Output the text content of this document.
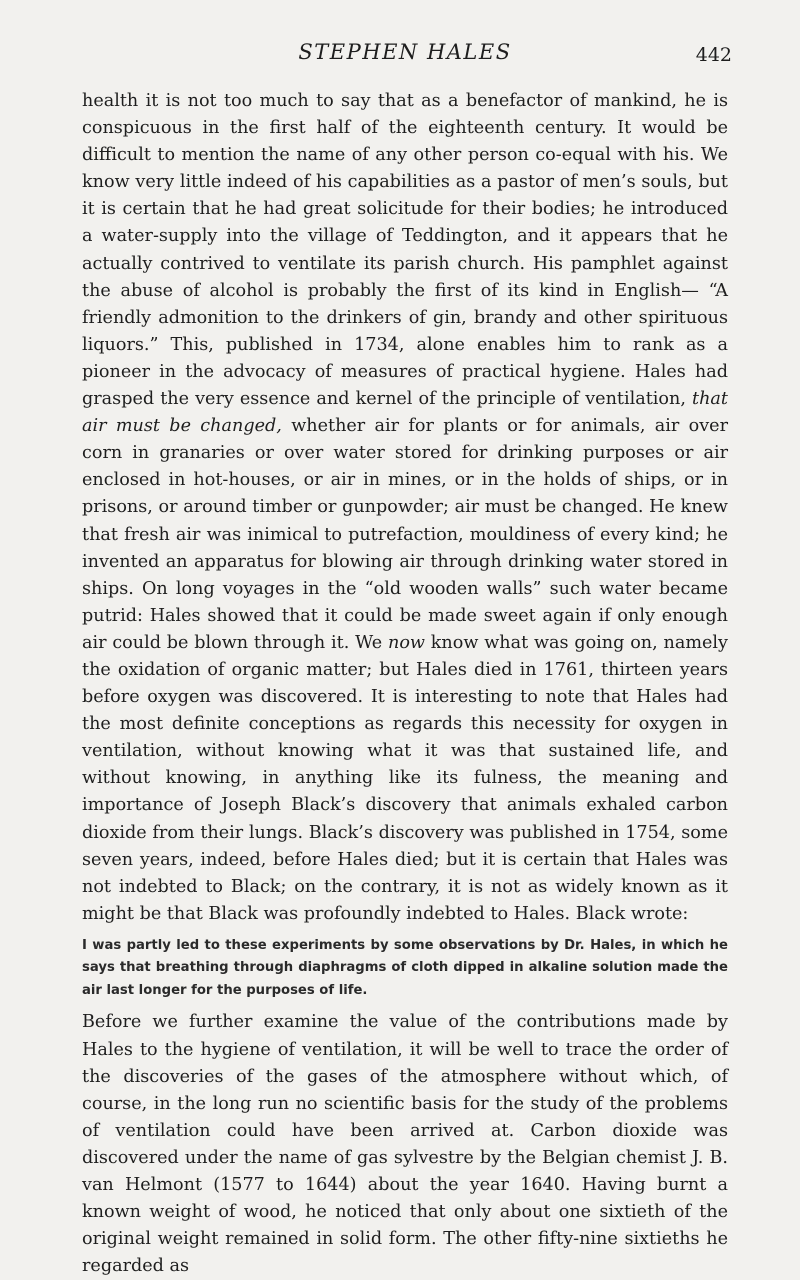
STEPHEN HALES	442

health it is not too much to say that as a benefactor of mankind, he is conspicuous in the first half of the eighteenth century. It would be difficult to mention the name of any other person co-equal with his. We know very little indeed of his capabilities as a pastor of men’s souls, but it is certain that he had great solicitude for their bodies; he introduced a water-supply into the village of Teddington, and it appears that he actually contrived to ventilate its parish church. His pamphlet against the abuse of alcohol is probably the first of its kind in English— “A friendly admonition to the drinkers of gin, brandy and other spirituous liquors.” This, published in 1734, alone enables him to rank as a pioneer in the advocacy of measures of practical hygiene. Hales had grasped the very essence and kernel of the principle of ventilation, that air must be changed, whether air for plants or for animals, air over corn in granaries or over water stored for drinking purposes or air enclosed in hot-houses, or air in mines, or in the holds of ships, or in prisons, or around timber or gunpowder; air must be changed. He knew that fresh air was inimical to putrefaction, mouldiness of every kind; he invented an apparatus for blowing air through drinking water stored in ships. On long voyages in the “old wooden walls” such water became putrid: Hales showed that it could be made sweet again if only enough air could be blown through it. We now know what was going on, namely the oxidation of organic matter; but Hales died in 1761, thirteen years before oxygen was discovered. It is interesting to note that Hales had the most definite conceptions as regards this necessity for oxygen in ventilation, without knowing what it was that sustained life, and without knowing, in anything like its fulness, the meaning and importance of Joseph Black’s discovery that animals exhaled carbon dioxide from their lungs. Black’s discovery was published in 1754, some seven years, indeed, before Hales died; but it is certain that Hales was not indebted to Black; on the contrary, it is not as widely known as it might be that Black was profoundly indebted to Hales. Black wrote:

I was partly led to these experiments by some observations by Dr. Hales, in which he says that breathing through diaphragms of cloth dipped in alkaline solution made the air last longer for the purposes of life.

Before we further examine the value of the contributions made by Hales to the hygiene of ventilation, it will be well to trace the order of the discoveries of the gases of the atmosphere without which, of course, in the long run no scientific basis for the study of the problems of ventilation could have been arrived at. Carbon dioxide was discovered under the name of gas sylvestre by the Belgian chemist J. B. van Helmont (1577 to 1644) about the year 1640. Having burnt a known weight of wood, he noticed that only about one sixtieth of the original weight remained in solid form. The other fifty-nine sixtieths he regarded as
